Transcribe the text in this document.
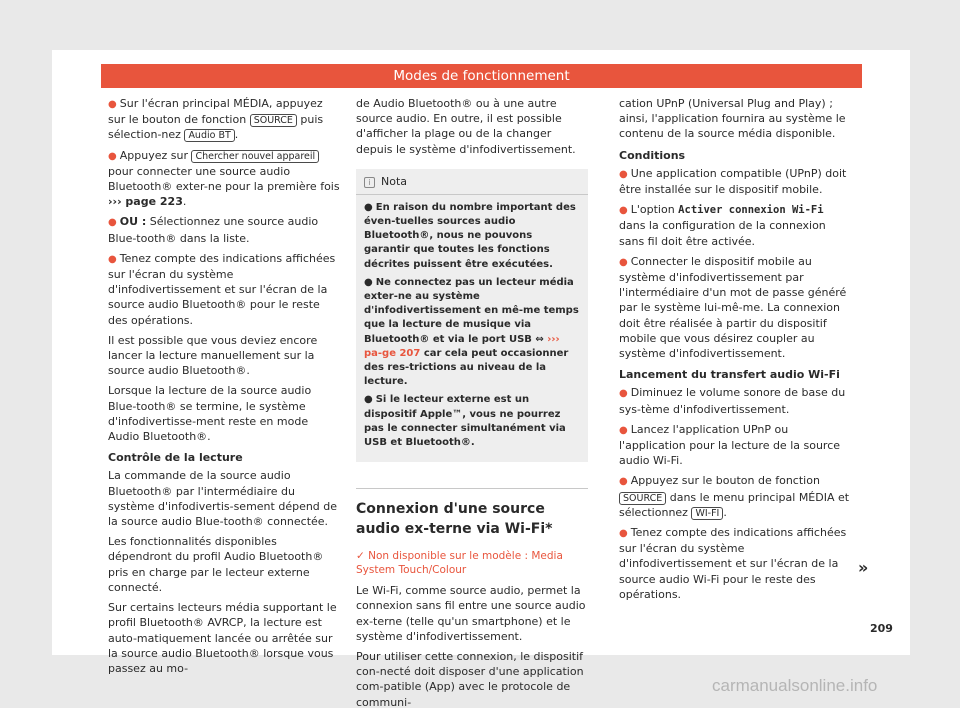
Modes de fonctionnement

● Sur l'écran principal MÉDIA, appuyez sur le bouton de fonction SOURCE puis sélection-nez Audio BT .

● Appuyez sur Chercher nouvel appareil pour connecter une source audio Bluetooth® exter-ne pour la première fois ››› page 223.

● OU : Sélectionnez une source audio Blue-tooth® dans la liste.

● Tenez compte des indications affichées sur l'écran du système d'infodivertissement et sur l'écran de la source audio Bluetooth® pour le reste des opérations.

Il est possible que vous deviez encore lancer la lecture manuellement sur la source audio Bluetooth®.

Lorsque la lecture de la source audio Blue-tooth® se termine, le système d'infodivertisse-ment reste en mode Audio Bluetooth®.

Contrôle de la lecture

La commande de la source audio Bluetooth® par l'intermédiaire du système d'infodivertis-sement dépend de la source audio Blue-tooth® connectée.

Les fonctionnalités disponibles dépendront du profil Audio Bluetooth® pris en charge par le lecteur externe connecté.

Sur certains lecteurs média supportant le profil Bluetooth® AVRCP, la lecture est auto-matiquement lancée ou arrêtée sur la source audio Bluetooth® lorsque vous passez au mo-

de Audio Bluetooth® ou à une autre source audio. En outre, il est possible d'afficher la plage ou de la changer depuis le système d'infodivertissement.

i Nota

● En raison du nombre important des éven-tuelles sources audio Bluetooth®, nous ne pouvons garantir que toutes les fonctions décrites puissent être exécutées.

● Ne connectez pas un lecteur média exter-ne au système d'infodivertissement en mê-me temps que la lecture de musique via Bluetooth® et via le port USB ⇔ ››› pa-ge 207 car cela peut occasionner des res-trictions au niveau de la lecture.

● Si le lecteur externe est un dispositif Apple™, vous ne pourrez pas le connecter simultanément via USB et Bluetooth®.

Connexion d'une source audio ex-terne via Wi-Fi*
✓ Non disponible sur le modèle : Media System Touch/Colour

Le Wi-Fi, comme source audio, permet la connexion sans fil entre une source audio ex-terne (telle qu'un smartphone) et le système d'infodivertissement.

Pour utiliser cette connexion, le dispositif con-necté doit disposer d'une application com-patible (App) avec le protocole de communi-

cation UPnP (Universal Plug and Play) ; ainsi, l'application fournira au système le contenu de la source média disponible.

Conditions

● Une application compatible (UPnP) doit être installée sur le dispositif mobile.

● L'option Activer connexion Wi-Fi dans la configuration de la connexion sans fil doit être activée.

● Connecter le dispositif mobile au système d'infodivertissement par l'intermédiaire d'un mot de passe généré par le système lui-mê-me. La connexion doit être réalisée à partir du dispositif mobile que vous désirez coupler au système d'infodivertissement.

Lancement du transfert audio Wi-Fi

● Diminuez le volume sonore de base du sys-tème d'infodivertissement.

● Lancez l'application UPnP ou l'application pour la lecture de la source audio Wi-Fi.

● Appuyez sur le bouton de fonction SOURCE dans le menu principal MÉDIA et sélectionnez WI-FI .

● Tenez compte des indications affichées sur l'écran du système d'infodivertissement et sur l'écran de la source audio Wi-Fi pour le reste des opérations.

»
209
carmanualsonline.info
